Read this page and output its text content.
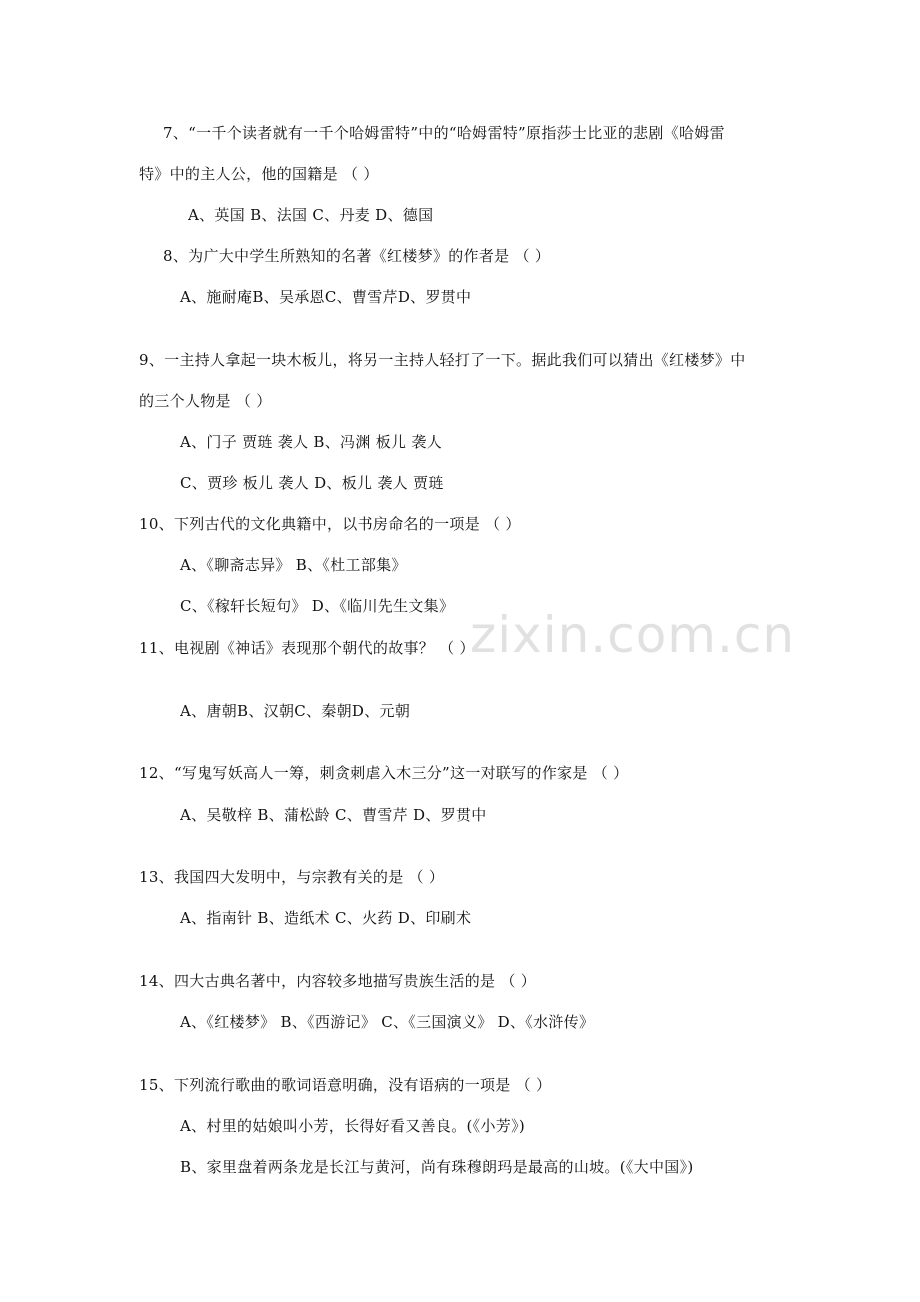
zixin.com.cn
7、“一千个读者就有一千个哈姆雷特”中的“哈姆雷特”原指莎士比亚的悲剧《哈姆雷
特》中的主人公，他的国籍是 （ ）
A、英国 B、法国 C、丹麦 D、德国
8、为广大中学生所熟知的名著《红楼梦》的作者是 （ ）
A、施耐庵B、吴承恩C、曹雪芹D、罗贯中
9、一主持人拿起一块木板儿，将另一主持人轻打了一下。据此我们可以猜出《红楼梦》中
的三个人物是 （ ）
A、门子 贾琏 袭人 B、冯渊 板儿 袭人
C、贾珍 板儿 袭人 D、板儿 袭人 贾琏
10、下列古代的文化典籍中，以书房命名的一项是 （ ）
A、《聊斋志异》 B、《杜工部集》
C、《稼轩长短句》 D、《临川先生文集》
11、电视剧《神话》表现那个朝代的故事？ （ ）
A、唐朝B、汉朝C、秦朝D、元朝
12、“写鬼写妖高人一筹，刺贪刺虐入木三分”这一对联写的作家是 （ ）
A、吴敬梓 B、蒲松龄 C、曹雪芹 D、罗贯中
13、我国四大发明中，与宗教有关的是 （ ）
A、指南针 B、造纸术 C、火药 D、印刷术
14、四大古典名著中，内容较多地描写贵族生活的是 （ ）
A、《红楼梦》 B、《西游记》 C、《三国演义》 D、《水浒传》
15、下列流行歌曲的歌词语意明确，没有语病的一项是 （ ）
A、村里的姑娘叫小芳，长得好看又善良。(《小芳》)
B、家里盘着两条龙是长江与黄河，尚有珠穆朗玛是最高的山坡。(《大中国》)
